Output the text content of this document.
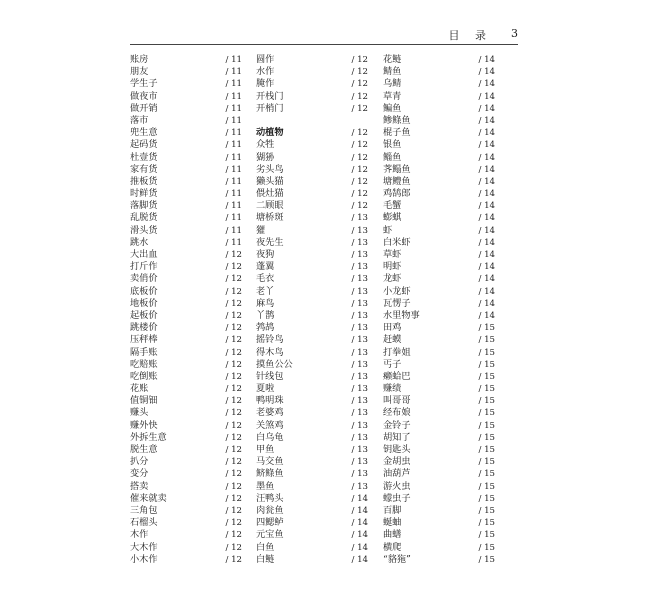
目 录 3
账房	/ 11
朋友	/ 11
学生子	/ 11
做夜市	/ 11
做开销	/ 11
落市	/ 11
兜生意	/ 11
起码货	/ 11
杜壹货	/ 11
家有货	/ 11
推板货	/ 11
时鲜货	/ 11
落脚货	/ 11
乱脱货	/ 11
滑头货	/ 11
跳水	/ 11
大出血	/ 12
打斤作	/ 12
卖俏价	/ 12
底板价	/ 12
地板价	/ 12
起板价	/ 12
跳楼价	/ 12
压秤棒	/ 12
隔手账	/ 12
吃赔账	/ 12
吃倒账	/ 12
花账	/ 12
值铜钿	/ 12
赚头	/ 12
赚外快	/ 12
外拆生意	/ 12
脱生意	/ 12
扒分	/ 12
变分	/ 12
搭卖	/ 12
催来就卖	/ 12
三角包	/ 12
石榴头	/ 12
木作	/ 12
大木作	/ 12
小木作	/ 12
圆作	/ 12
水作	/ 12
腌作	/ 12
开栈门	/ 12
开梢门	/ 12
动植物	/ 12
众牲	/ 12
猢狲	/ 12
劣头鸟	/ 12
獭头猫	/ 12
偎灶猫	/ 12
二顾眼	/ 12
塘桥斑	/ 13
獾	/ 13
夜先生	/ 13
夜狗	/ 13
蓬翼	/ 13
毛衣	/ 13
老丫	/ 13
麻鸟	/ 13
丫鹊	/ 13
鹁鸪	/ 13
摇铃鸟	/ 13
得木鸟	/ 13
摸鱼公公	/ 13
针线包	/ 13
夏啦	/ 13
鸭明珠	/ 13
老婆鸡	/ 13
关煞鸡	/ 13
白乌龟	/ 13
甲鱼	/ 13
马交鱼	/ 13
鲚鲦鱼	/ 13
墨鱼	/ 13
汪鸭头	/ 14
肉瓮鱼	/ 14
四鳃鲈	/ 14
元宝鱼	/ 14
白鱼	/ 14
白鲢	/ 14
花鲢	/ 14
鲭鱼	/ 14
乌鲭	/ 14
草青	/ 14
鳊鱼	/ 14
鲹鲦鱼	/ 14
棍子鱼	/ 14
银鱼	/ 14
鲻鱼	/ 14
荠鳎鱼	/ 14
塘鳢鱼	/ 14
鸡鹄郎	/ 14
毛蟹	/ 14
蟛蜞	/ 14
虾	/ 14
白米虾	/ 14
草虾	/ 14
明虾	/ 14
龙虾	/ 14
小龙虾	/ 14
瓦愣子	/ 14
水里物事	/ 14
田鸡	/ 15
赶蟆	/ 15
打拳姐	/ 15
丐子	/ 15
癞蛤巴	/ 15
赚绩	/ 15
叫哥哥	/ 15
经布娘	/ 15
金铃子	/ 15
胡知了	/ 15
钥匙头	/ 15
金胡虫	/ 15
油葫芦	/ 15
游火虫	/ 15
蠓虫子	/ 15
百脚	/ 15
蜒蚰	/ 15
曲蟮	/ 15
横爬	/ 15
“貉狏”	/ 15
